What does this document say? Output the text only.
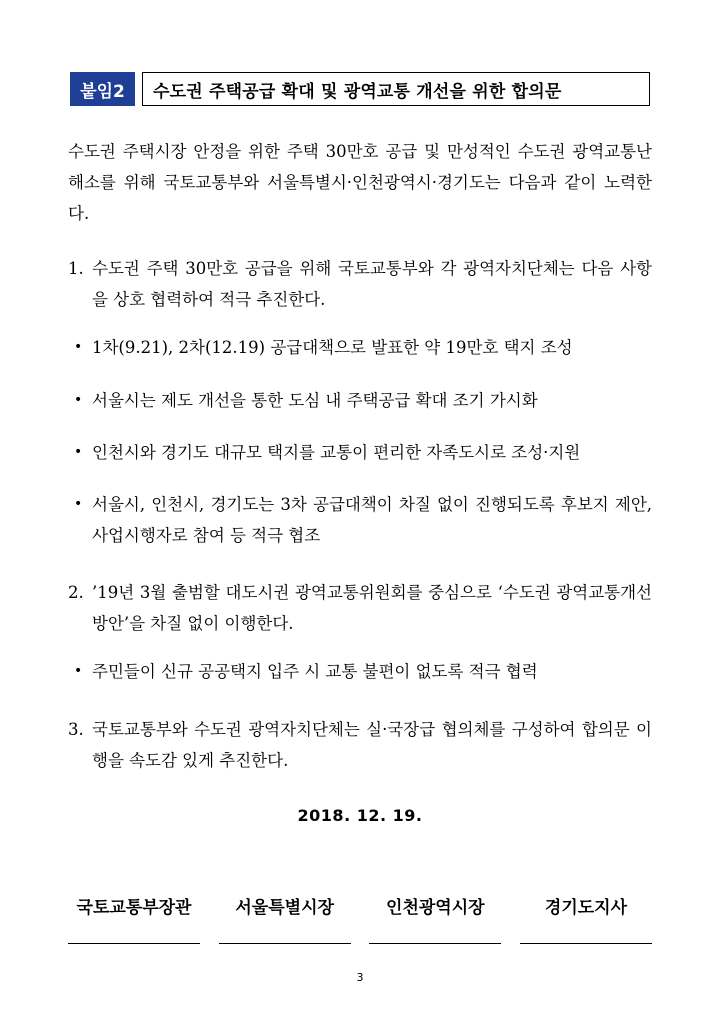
붙임2	수도권 주택공급 확대 및 광역교통 개선을 위한 합의문
수도권 주택시장 안정을 위한 주택 30만호 공급 및 만성적인 수도권 광역교통난 해소를 위해 국토교통부와 서울특별시·인천광역시·경기도는 다음과 같이 노력한다.
1. 수도권 주택 30만호 공급을 위해 국토교통부와 각 광역자치단체는 다음 사항을 상호 협력하여 적극 추진한다.
• 1차(9.21), 2차(12.19) 공급대책으로 발표한 약 19만호 택지 조성
• 서울시는 제도 개선을 통한 도심 내 주택공급 확대 조기 가시화
• 인천시와 경기도 대규모 택지를 교통이 편리한 자족도시로 조성·지원
• 서울시, 인천시, 경기도는 3차 공급대책이 차질 없이 진행되도록 후보지 제안, 사업시행자로 참여 등 적극 협조
2. ’19년 3월 출범할 대도시권 광역교통위원회를 중심으로 ‘수도권 광역교통개선방안’을 차질 없이 이행한다.
• 주민들이 신규 공공택지 입주 시 교통 불편이 없도록 적극 협력
3. 국토교통부와 수도권 광역자치단체는 실·국장급 협의체를 구성하여 합의문 이행을 속도감 있게 추진한다.
2018. 12. 19.
국토교통부장관	서울특별시장	인천광역시장	경기도지사
3
